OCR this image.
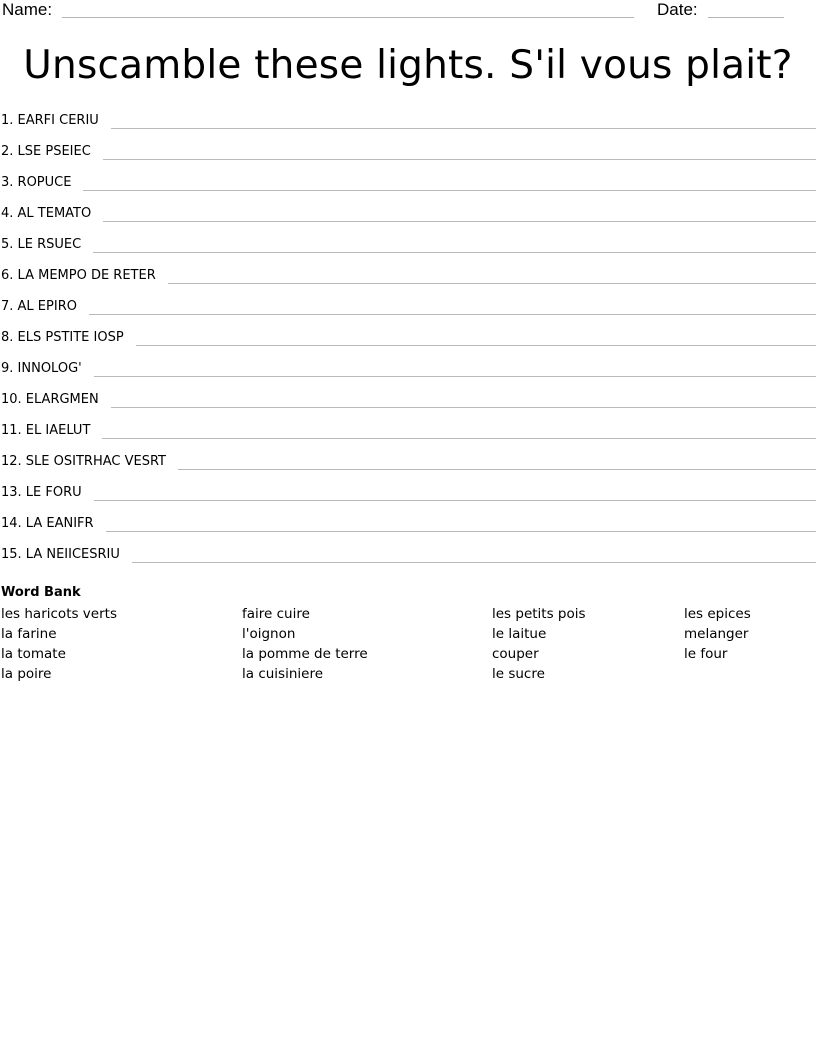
Name:	Date:
Unscamble these lights. S'il vous plait?
1. EARFI CERIU
2. LSE PSEIEC
3. ROPUCE
4. AL TEMATO
5. LE RSUEC
6. LA MEMPO DE RETER
7. AL EPIRO
8. ELS PSTITE IOSP
9. INNOLOG'
10. ELARGMEN
11. EL IAELUT
12. SLE OSITRHAC VESRT
13. LE FORU
14. LA EANIFR
15. LA NEIICESRIU
Word Bank
les haricots verts
la farine
la tomate
la poire
faire cuire
l'oignon
la pomme de terre
la cuisiniere
les petits pois
le laitue
couper
le sucre
les epices
melanger
le four
